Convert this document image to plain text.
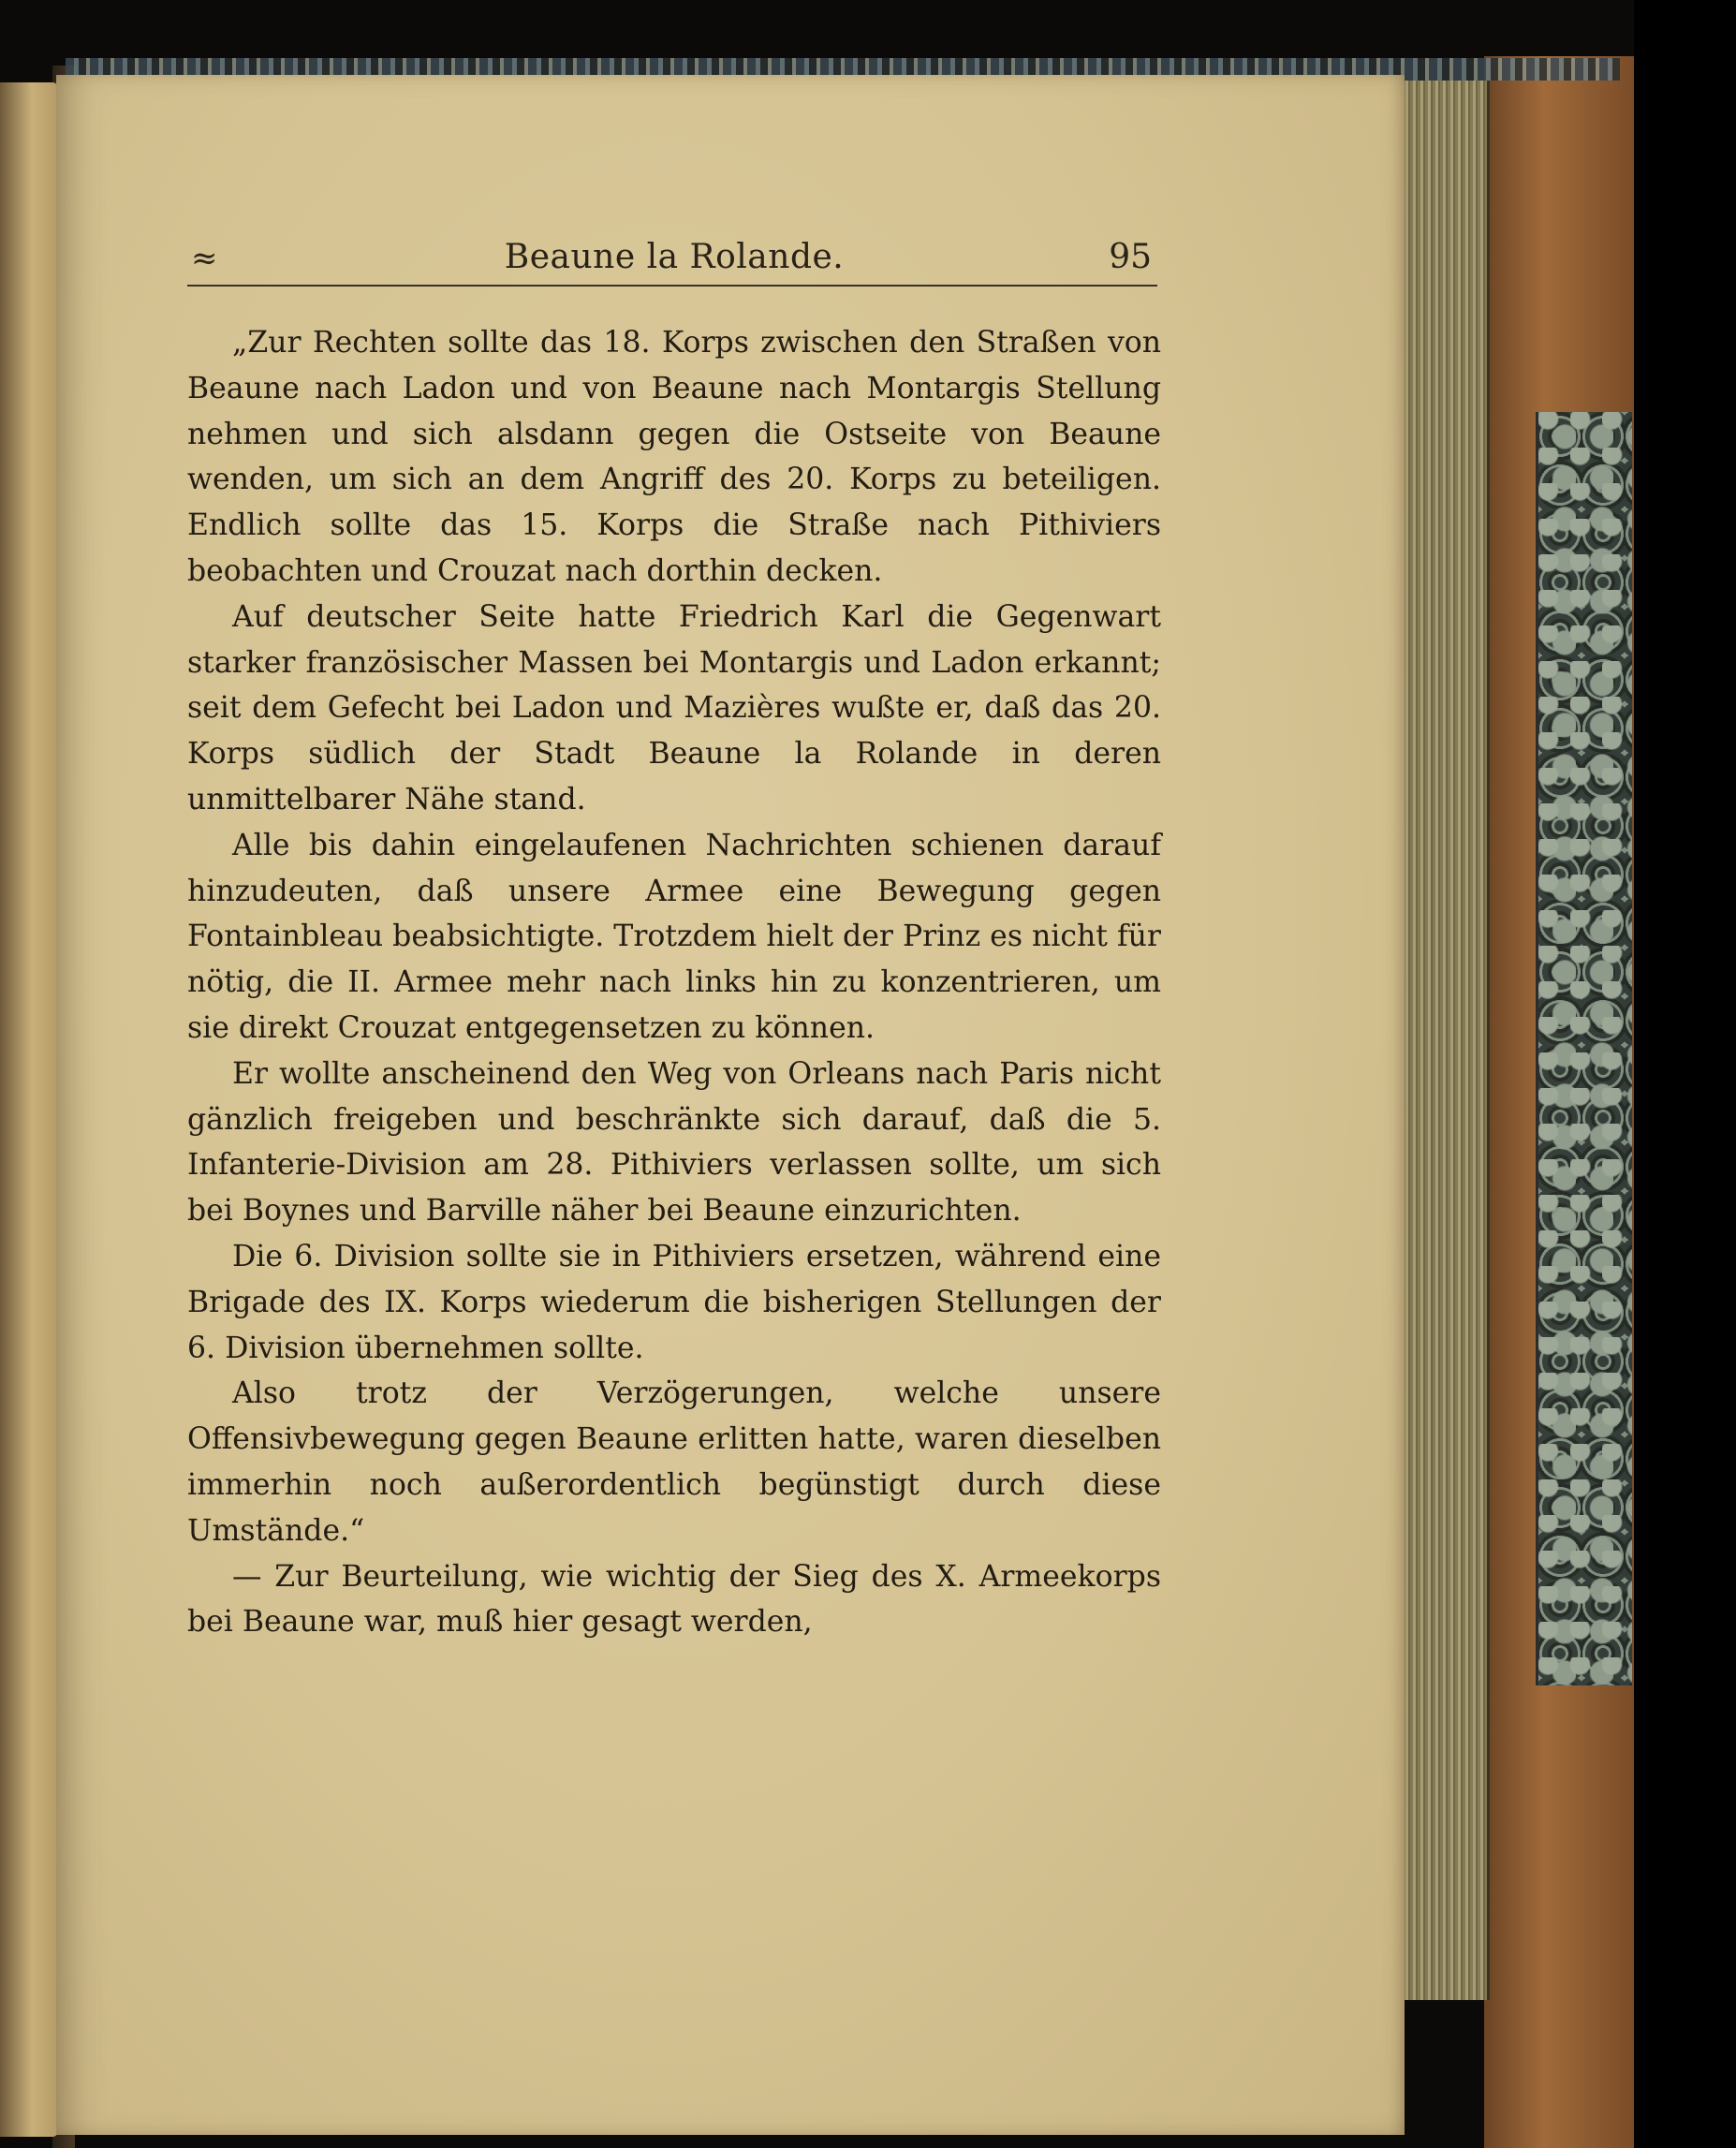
≈	Beaune la Rolande.	95

„Zur Rechten sollte das 18. Korps zwischen den Straßen von Beaune nach Ladon und von Beaune nach Montargis Stellung nehmen und sich alsdann gegen die Ostseite von Beaune wenden, um sich an dem Angriff des 20. Korps zu beteiligen. Endlich sollte das 15. Korps die Straße nach Pithiviers beobachten und Crouzat nach dorthin decken.

Auf deutscher Seite hatte Friedrich Karl die Gegenwart starker französischer Massen bei Montargis und Ladon erkannt; seit dem Gefecht bei Ladon und Mazières wußte er, daß das 20. Korps südlich der Stadt Beaune la Rolande in deren unmittelbarer Nähe stand.

Alle bis dahin eingelaufenen Nachrichten schienen darauf hinzudeuten, daß unsere Armee eine Bewegung gegen Fontainbleau beabsichtigte. Trotzdem hielt der Prinz es nicht für nötig, die II. Armee mehr nach links hin zu konzentrieren, um sie direkt Crouzat entgegensetzen zu können.

Er wollte anscheinend den Weg von Orleans nach Paris nicht gänzlich freigeben und beschränkte sich darauf, daß die 5. Infanterie-Division am 28. Pithiviers verlassen sollte, um sich bei Boynes und Barville näher bei Beaune einzurichten.

Die 6. Division sollte sie in Pithiviers ersetzen, während eine Brigade des IX. Korps wiederum die bisherigen Stellungen der 6. Division übernehmen sollte.

Also trotz der Verzögerungen, welche unsere Offensivbewegung gegen Beaune erlitten hatte, waren dieselben immerhin noch außerordentlich begünstigt durch diese Umstände.“

— Zur Beurteilung, wie wichtig der Sieg des X. Armeekorps bei Beaune war, muß hier gesagt werden,
